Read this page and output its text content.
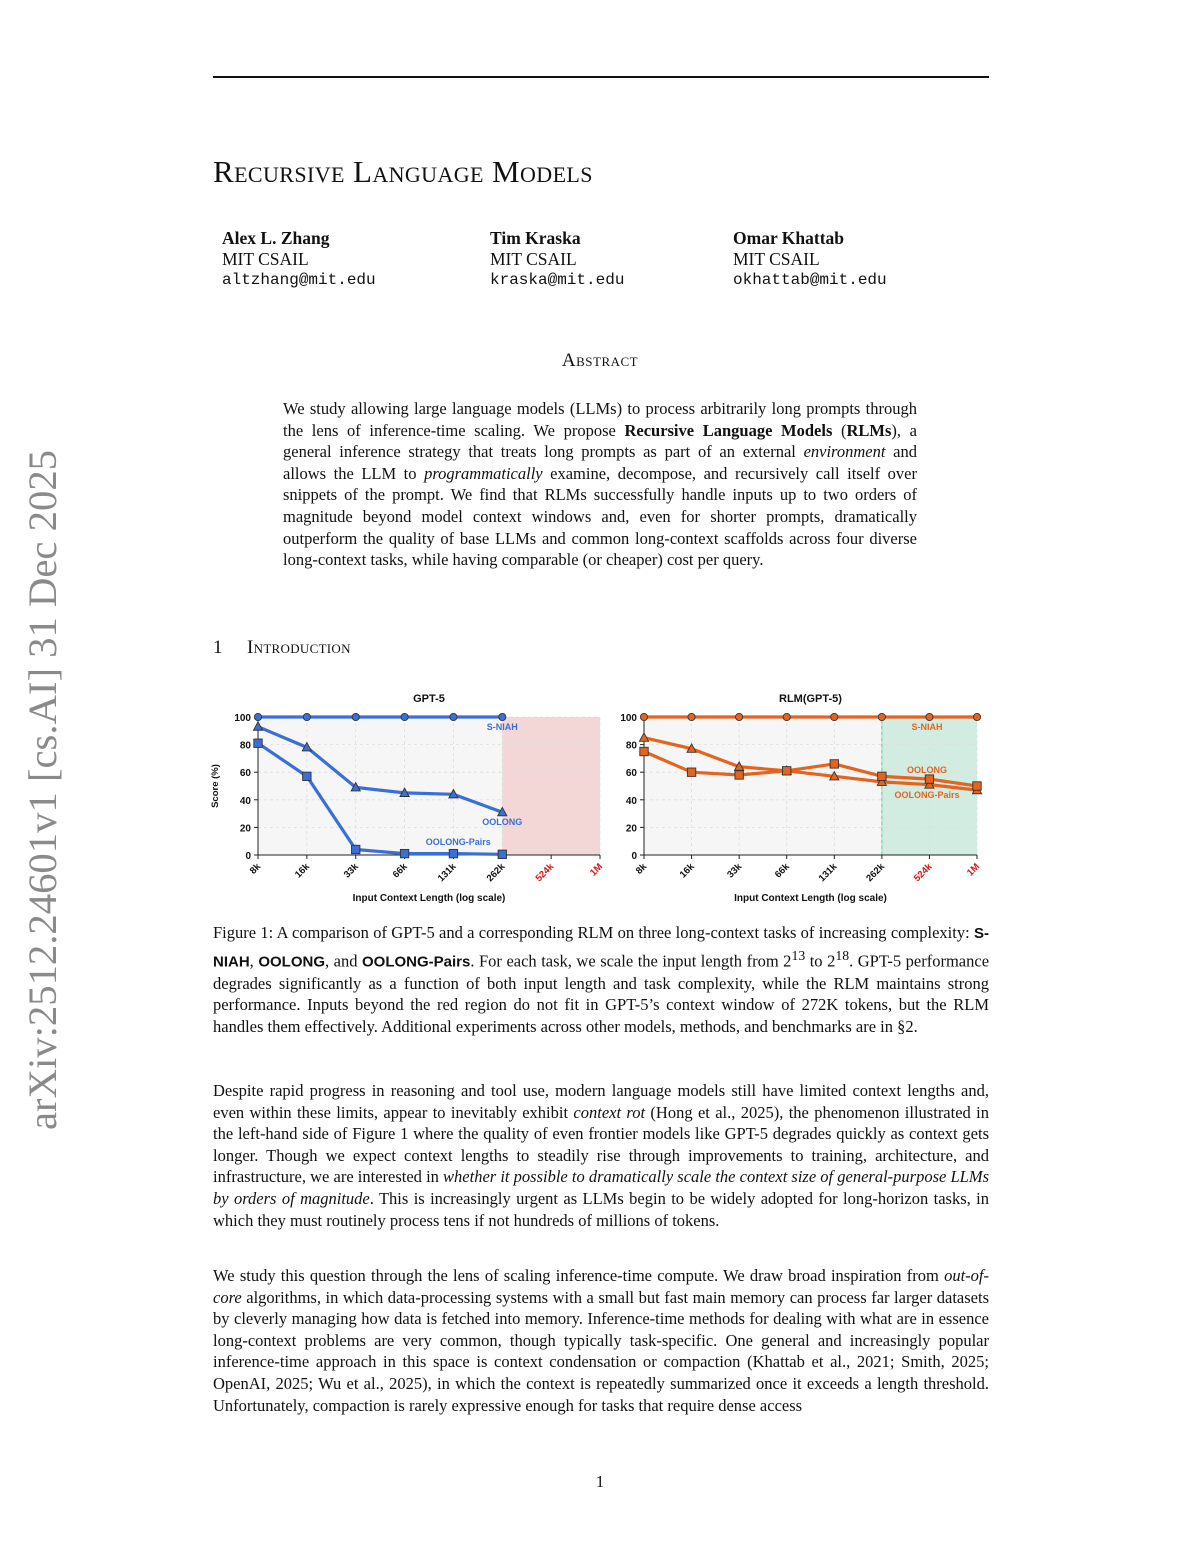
arXiv:2512.24601v1 [cs.AI] 31 Dec 2025
Recursive Language Models
Alex L. Zhang
MIT CSAIL
altzhang@mit.edu
Tim Kraska
MIT CSAIL
kraska@mit.edu
Omar Khattab
MIT CSAIL
okhattab@mit.edu
Abstract
We study allowing large language models (LLMs) to process arbitrarily long prompts through the lens of inference-time scaling. We propose Recursive Language Models (RLMs), a general inference strategy that treats long prompts as part of an external environment and allows the LLM to programmatically examine, decompose, and recursively call itself over snippets of the prompt. We find that RLMs successfully handle inputs up to two orders of magnitude beyond model context windows and, even for shorter prompts, dramatically outperform the quality of base LLMs and common long-context scaffolds across four diverse long-context tasks, while having comparable (or cheaper) cost per query.
1 Introduction
0
20
40
60
80
100
8k	16k	33k	66k	131k	262k	524k	1M
GPT-5
Input Context Length (log scale)
Score (%)
S-NIAH
OOLONG
OOLONG-Pairs
0
20
40
60
80
100
8k	16k	33k	66k	131k	262k	524k	1M
RLM(GPT-5)
Input Context Length (log scale)
S-NIAH
OOLONG
OOLONG-Pairs
Figure 1: A comparison of GPT-5 and a corresponding RLM on three long-context tasks of increasing complexity: S-NIAH, OOLONG, and OOLONG-Pairs. For each task, we scale the input length from $2^{13}$ to $2^{18}$. GPT-5 performance degrades significantly as a function of both input length and task complexity, while the RLM maintains strong performance. Inputs beyond the red region do not fit in GPT-5’s context window of 272K tokens, but the RLM handles them effectively. Additional experiments across other models, methods, and benchmarks are in §2.

Despite rapid progress in reasoning and tool use, modern language models still have limited context lengths and, even within these limits, appear to inevitably exhibit context rot (Hong et al., 2025), the phenomenon illustrated in the left-hand side of Figure 1 where the quality of even frontier models like GPT-5 degrades quickly as context gets longer. Though we expect context lengths to steadily rise through improvements to training, architecture, and infrastructure, we are interested in whether it possible to dramatically scale the context size of general-purpose LLMs by orders of magnitude. This is increasingly urgent as LLMs begin to be widely adopted for long-horizon tasks, in which they must routinely process tens if not hundreds of millions of tokens.

We study this question through the lens of scaling inference-time compute. We draw broad inspiration from out-of-core algorithms, in which data-processing systems with a small but fast main memory can process far larger datasets by cleverly managing how data is fetched into memory. Inference-time methods for dealing with what are in essence long-context problems are very common, though typically task-specific. One general and increasingly popular inference-time approach in this space is context condensation or compaction (Khattab et al., 2021; Smith, 2025; OpenAI, 2025; Wu et al., 2025), in which the context is repeatedly summarized once it exceeds a length threshold. Unfortunately, compaction is rarely expressive enough for tasks that require dense access

1
